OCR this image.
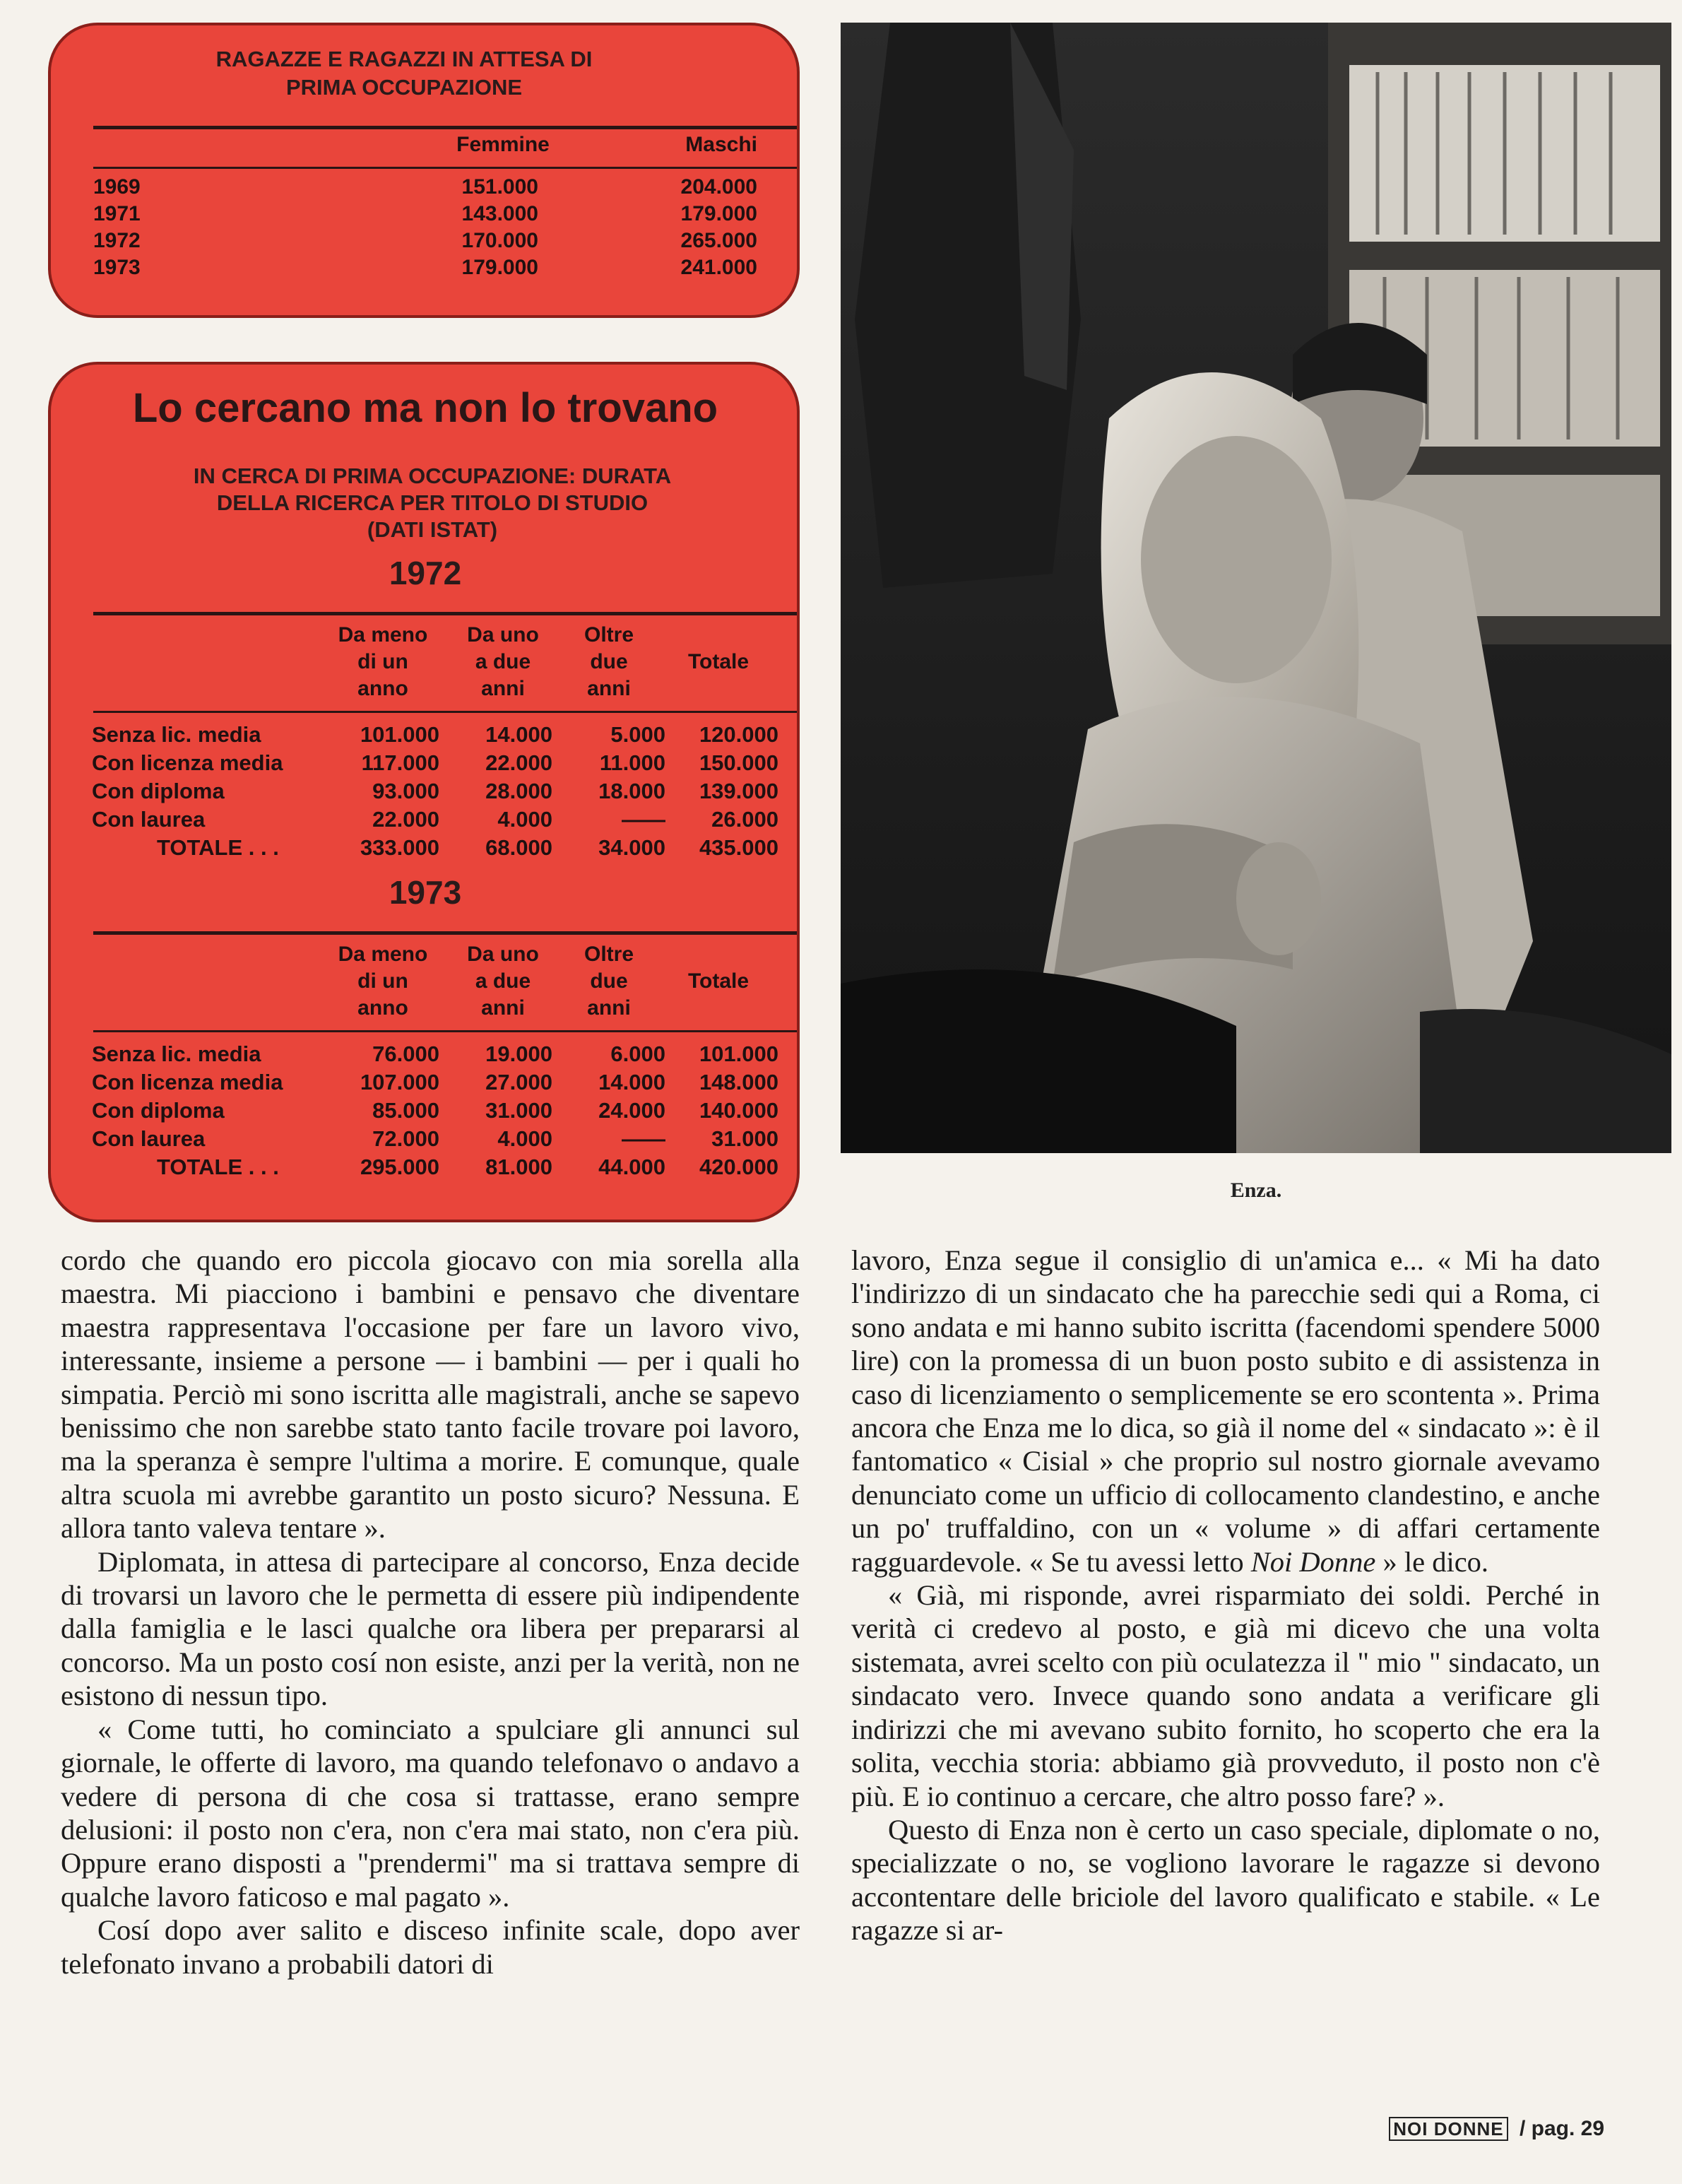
RAGAZZE E RAGAZZI IN ATTESA DI PRIMA OCCUPAZIONE
Femmine	Maschi
1969	151.000	204.000
1971	143.000	179.000
1972	170.000	265.000
1973	179.000	241.000
Lo cercano ma non lo trovano
IN CERCA DI PRIMA OCCUPAZIONE: DURATA
DELLA RICERCA PER TITOLO DI STUDIO
(DATI ISTAT)
1972
Da meno
di un
anno
Da uno
a due
anni
Oltre
due
anni
Totale
Senza lic. media	101.000	14.000	5.000	120.000
Con licenza media	117.000	22.000	11.000	150.000
Con diploma	93.000	28.000	18.000	139.000
Con laurea	22.000	4.000	——	26.000
TOTALE . . .	333.000	68.000	34.000	435.000
1973
Da meno
di un
anno
Da uno
a due
anni
Oltre
due
anni
Totale
Senza lic. media	76.000	19.000	6.000	101.000
Con licenza media	107.000	27.000	14.000	148.000
Con diploma	85.000	31.000	24.000	140.000
Con laurea	72.000	4.000	——	31.000
TOTALE . . .	295.000	81.000	44.000	420.000
Enza.

cordo che quando ero piccola giocavo con mia sorella alla maestra. Mi piacciono i bambini e pensavo che diventare maestra rappresentava l'occasione per fare un lavoro vivo, interessante, insieme a persone — i bambini — per i quali ho simpatia. Perciò mi sono iscritta alle magistrali, anche se sapevo benissimo che non sarebbe stato tanto facile trovare poi lavoro, ma la speranza è sempre l'ultima a morire. E comunque, quale altra scuola mi avrebbe garantito un posto sicuro? Nessuna. E allora tanto valeva tentare ».

Diplomata, in attesa di partecipare al concorso, Enza decide di trovarsi un lavoro che le permetta di essere più indipendente dalla famiglia e le lasci qualche ora libera per prepararsi al concorso. Ma un posto cosí non esiste, anzi per la verità, non ne esistono di nessun tipo.

« Come tutti, ho cominciato a spulciare gli annunci sul giornale, le offerte di lavoro, ma quando telefonavo o andavo a vedere di persona di che cosa si trattasse, erano sempre delusioni: il posto non c'era, non c'era mai stato, non c'era più. Oppure erano disposti a "prendermi" ma si trattava sempre di qualche lavoro faticoso e mal pagato ».

Cosí dopo aver salito e disceso infinite scale, dopo aver telefonato invano a probabili datori di

lavoro, Enza segue il consiglio di un'amica e... « Mi ha dato l'indirizzo di un sindacato che ha parecchie sedi qui a Roma, ci sono andata e mi hanno subito iscritta (facendomi spendere 5000 lire) con la promessa di un buon posto subito e di assistenza in caso di licenziamento o semplicemente se ero scontenta ». Prima ancora che Enza me lo dica, so già il nome del « sindacato »: è il fantomatico « Cisial » che proprio sul nostro giornale avevamo denunciato come un ufficio di collocamento clandestino, e anche un po' truffaldino, con un « volume » di affari certamente ragguardevole. « Se tu avessi letto Noi Donne » le dico.

« Già, mi risponde, avrei risparmiato dei soldi. Perché in verità ci credevo al posto, e già mi dicevo che una volta sistemata, avrei scelto con più oculatezza il " mio " sindacato, un sindacato vero. Invece quando sono andata a verificare gli indirizzi che mi avevano subito fornito, ho scoperto che era la solita, vecchia storia: abbiamo già provveduto, il posto non c'è più. E io continuo a cercare, che altro posso fare? ».

Questo di Enza non è certo un caso speciale, diplomate o no, specializzate o no, se vogliono lavorare le ragazze si devono accontentare delle briciole del lavoro qualificato e stabile. « Le ragazze si ar-

NOI DONNE / pag. 29
